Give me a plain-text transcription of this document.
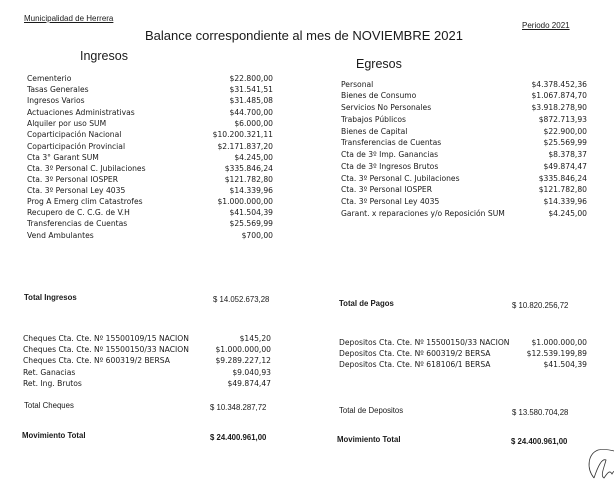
Municipalidad de Herrera
Periodo 2021
Balance correspondiente al mes de NOVIEMBRE 2021
Ingresos
Egresos
Cementerio	$22.800,00
Tasas Generales	$31.541,51
Ingresos Varios	$31.485,08
Actuaciones Administrativas	$44.700,00
Alquiler por uso SUM	$6.000,00
Coparticipación Nacional	$10.200.321,11
Coparticipación Provincial	$2.171.837,20
Cta 3° Garant SUM	$4.245,00
Cta. 3º Personal C. Jubilaciones	$335.846,24
Cta. 3º Personal IOSPER	$121.782,80
Cta. 3º Personal Ley 4035	$14.339,96
Prog A Emerg clim Catastrofes	$1.000.000,00
Recupero de C. C.G. de V.H	$41.504,39
Transferencias de Cuentas	$25.569,99
Vend Ambulantes	$700,00
Personal	$4.378.452,36
Bienes de Consumo	$1.067.874,70
Servicios No Personales	$3.918.278,90
Trabajos Públicos	$872.713,93
Bienes de Capital	$22.900,00
Transferencias de Cuentas	$25.569,99
Cta de 3º Imp. Ganancias	$8.378,37
Cta de 3º Ingresos Brutos	$49.874,47
Cta. 3º Personal C. Jubilaciones	$335.846,24
Cta. 3º Personal IOSPER	$121.782,80
Cta. 3º Personal Ley 4035	$14.339,96
Garant. x reparaciones y/o Reposición SUM	$4.245,00
Total Ingresos	$ 14.052.673,28	Total de Pagos	$ 10.820.256,72
Cheques Cta. Cte. Nº 15500109/15 NACION	$145,20
Cheques Cta. Cte. Nº 15500150/33 NACION	$1.000.000,00
Cheques Cta. Cte. Nº 600319/2 BERSA	$9.289.227,12
Ret. Ganacias	$9.040,93
Ret. Ing. Brutos	$49.874,47
Total Cheques	$ 10.348.287,72
Depositos Cta. Cte. Nº 15500150/33 NACION	$1.000.000,00
Depositos Cta. Cte. Nº 600319/2 BERSA	$12.539.199,89
Depositos Cta. Cte. Nº 618106/1 BERSA	$41.504,39
Total de Depositos	$ 13.580.704,28
Movimiento Total	$ 24.400.961,00	Movimiento Total	$ 24.400.961,00
